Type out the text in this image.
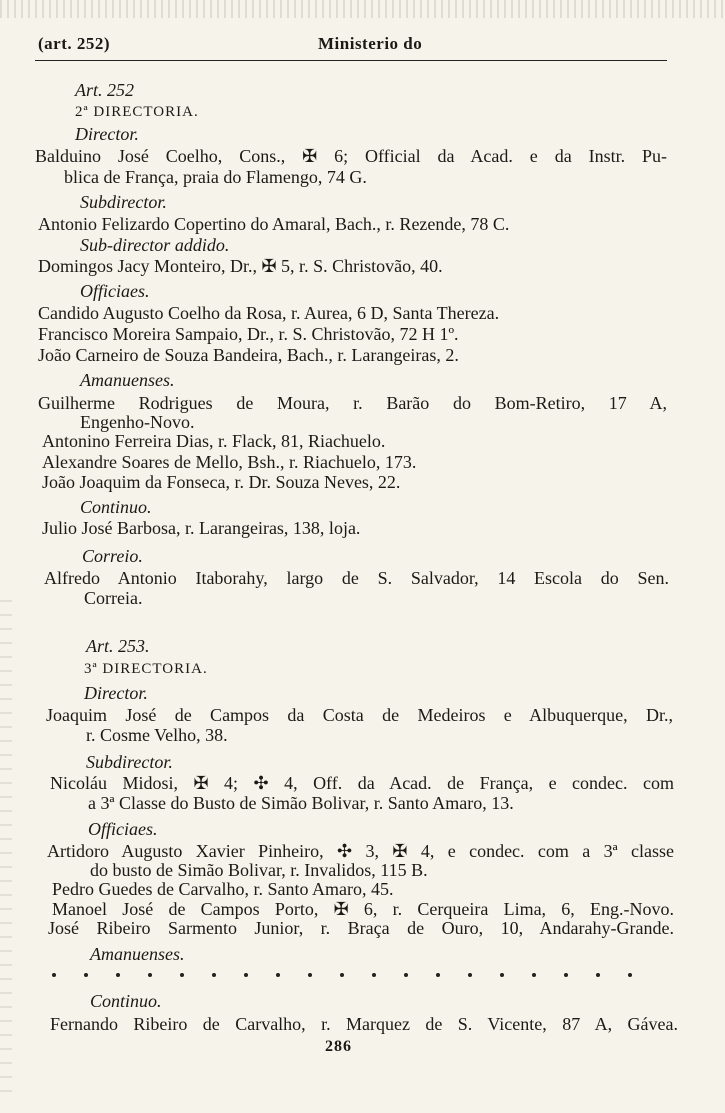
(art. 252)	Ministerio do
Art. 252
2ª DIRECTORIA.
Director.
Balduino José Coelho, Cons., ✠ 6; Official da Acad. e da Instr. Pu-
blica de França, praia do Flamengo, 74 G.
Subdirector.
Antonio Felizardo Copertino do Amaral, Bach., r. Rezende, 78 C.
Sub-director addido.
Domingos Jacy Monteiro, Dr., ✠ 5, r. S. Christovão, 40.
Officiaes.
Candido Augusto Coelho da Rosa, r. Aurea, 6 D, Santa Thereza.
Francisco Moreira Sampaio, Dr., r. S. Christovão, 72 H 1º.
João Carneiro de Souza Bandeira, Bach., r. Larangeiras, 2.
Amanuenses.
Guilherme Rodrigues de Moura, r. Barão do Bom-Retiro, 17 A,
Engenho-Novo.
Antonino Ferreira Dias, r. Flack, 81, Riachuelo.
Alexandre Soares de Mello, Bsh., r. Riachuelo, 173.
João Joaquim da Fonseca, r. Dr. Souza Neves, 22.
Continuo.
Julio José Barbosa, r. Larangeiras, 138, loja.
Correio.
Alfredo Antonio Itaborahy, largo de S. Salvador, 14 Escola do Sen.
Correia.
Art. 253.
3ª DIRECTORIA.
Director.
Joaquim José de Campos da Costa de Medeiros e Albuquerque, Dr.,
r. Cosme Velho, 38.
Subdirector.
Nicoláu Midosi, ✠ 4; ✣ 4, Off. da Acad. de França, e condec. com
a 3ª Classe do Busto de Simão Bolivar, r. Santo Amaro, 13.
Officiaes.
Artidoro Augusto Xavier Pinheiro, ✣ 3, ✠ 4, e condec. com a 3ª classe
do busto de Simão Bolivar, r. Invalidos, 115 B.
Pedro Guedes de Carvalho, r. Santo Amaro, 45.
Manoel José de Campos Porto, ✠ 6, r. Cerqueira Lima, 6, Eng.-Novo.
José Ribeiro Sarmento Junior, r. Braça de Ouro, 10, Andarahy-Grande.
Amanuenses.
Continuo.
Fernando Ribeiro de Carvalho, r. Marquez de S. Vicente, 87 A, Gávea.
286
